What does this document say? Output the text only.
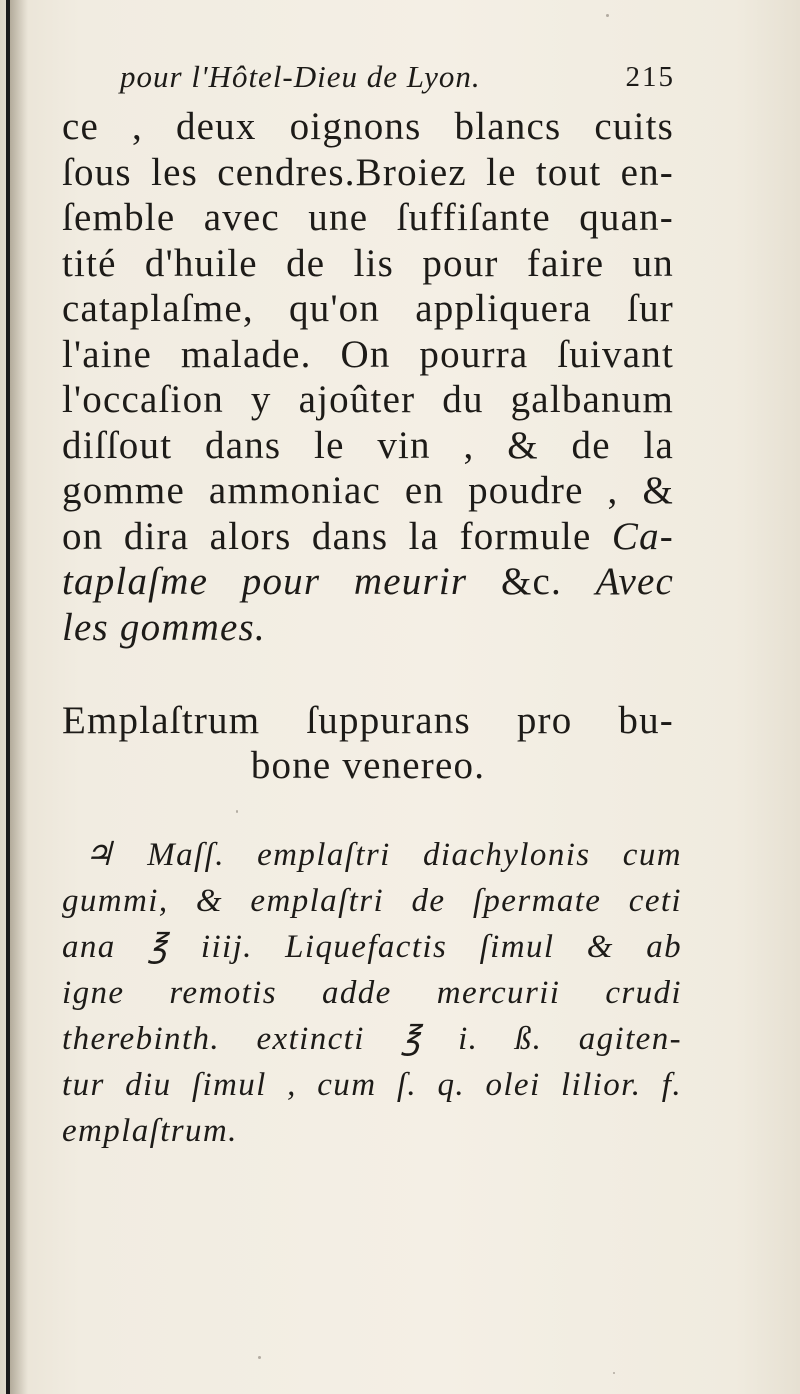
pour l'Hôtel-Dieu de Lyon.	215
ce , deux oignons blancs cuits
ſous les cendres.Broiez le tout en-
ſemble avec une ſuffiſante quan-
tité d'huile de lis pour faire un
cataplaſme, qu'on appliquera ſur
l'aine malade. On pourra ſuivant
l'occaſion y ajoûter du galbanum
diſſout dans le vin , & de la
gomme ammoniac en poudre , &
on dira alors dans la formule Ca-
taplaſme pour meurir &c. Avec
les gommes.
Emplaſtrum ſuppurans pro bu-
bone venereo.
♃ Maſſ. emplaſtri diachylonis cum
gummi, & emplaſtri de ſpermate ceti
ana ℥ iiij. Liquefactis ſimul & ab
igne remotis adde mercurii crudi
therebinth. extincti ℥ i. ß. agiten-
tur diu ſimul , cum ſ. q. olei lilior. f.
emplaſtrum.
